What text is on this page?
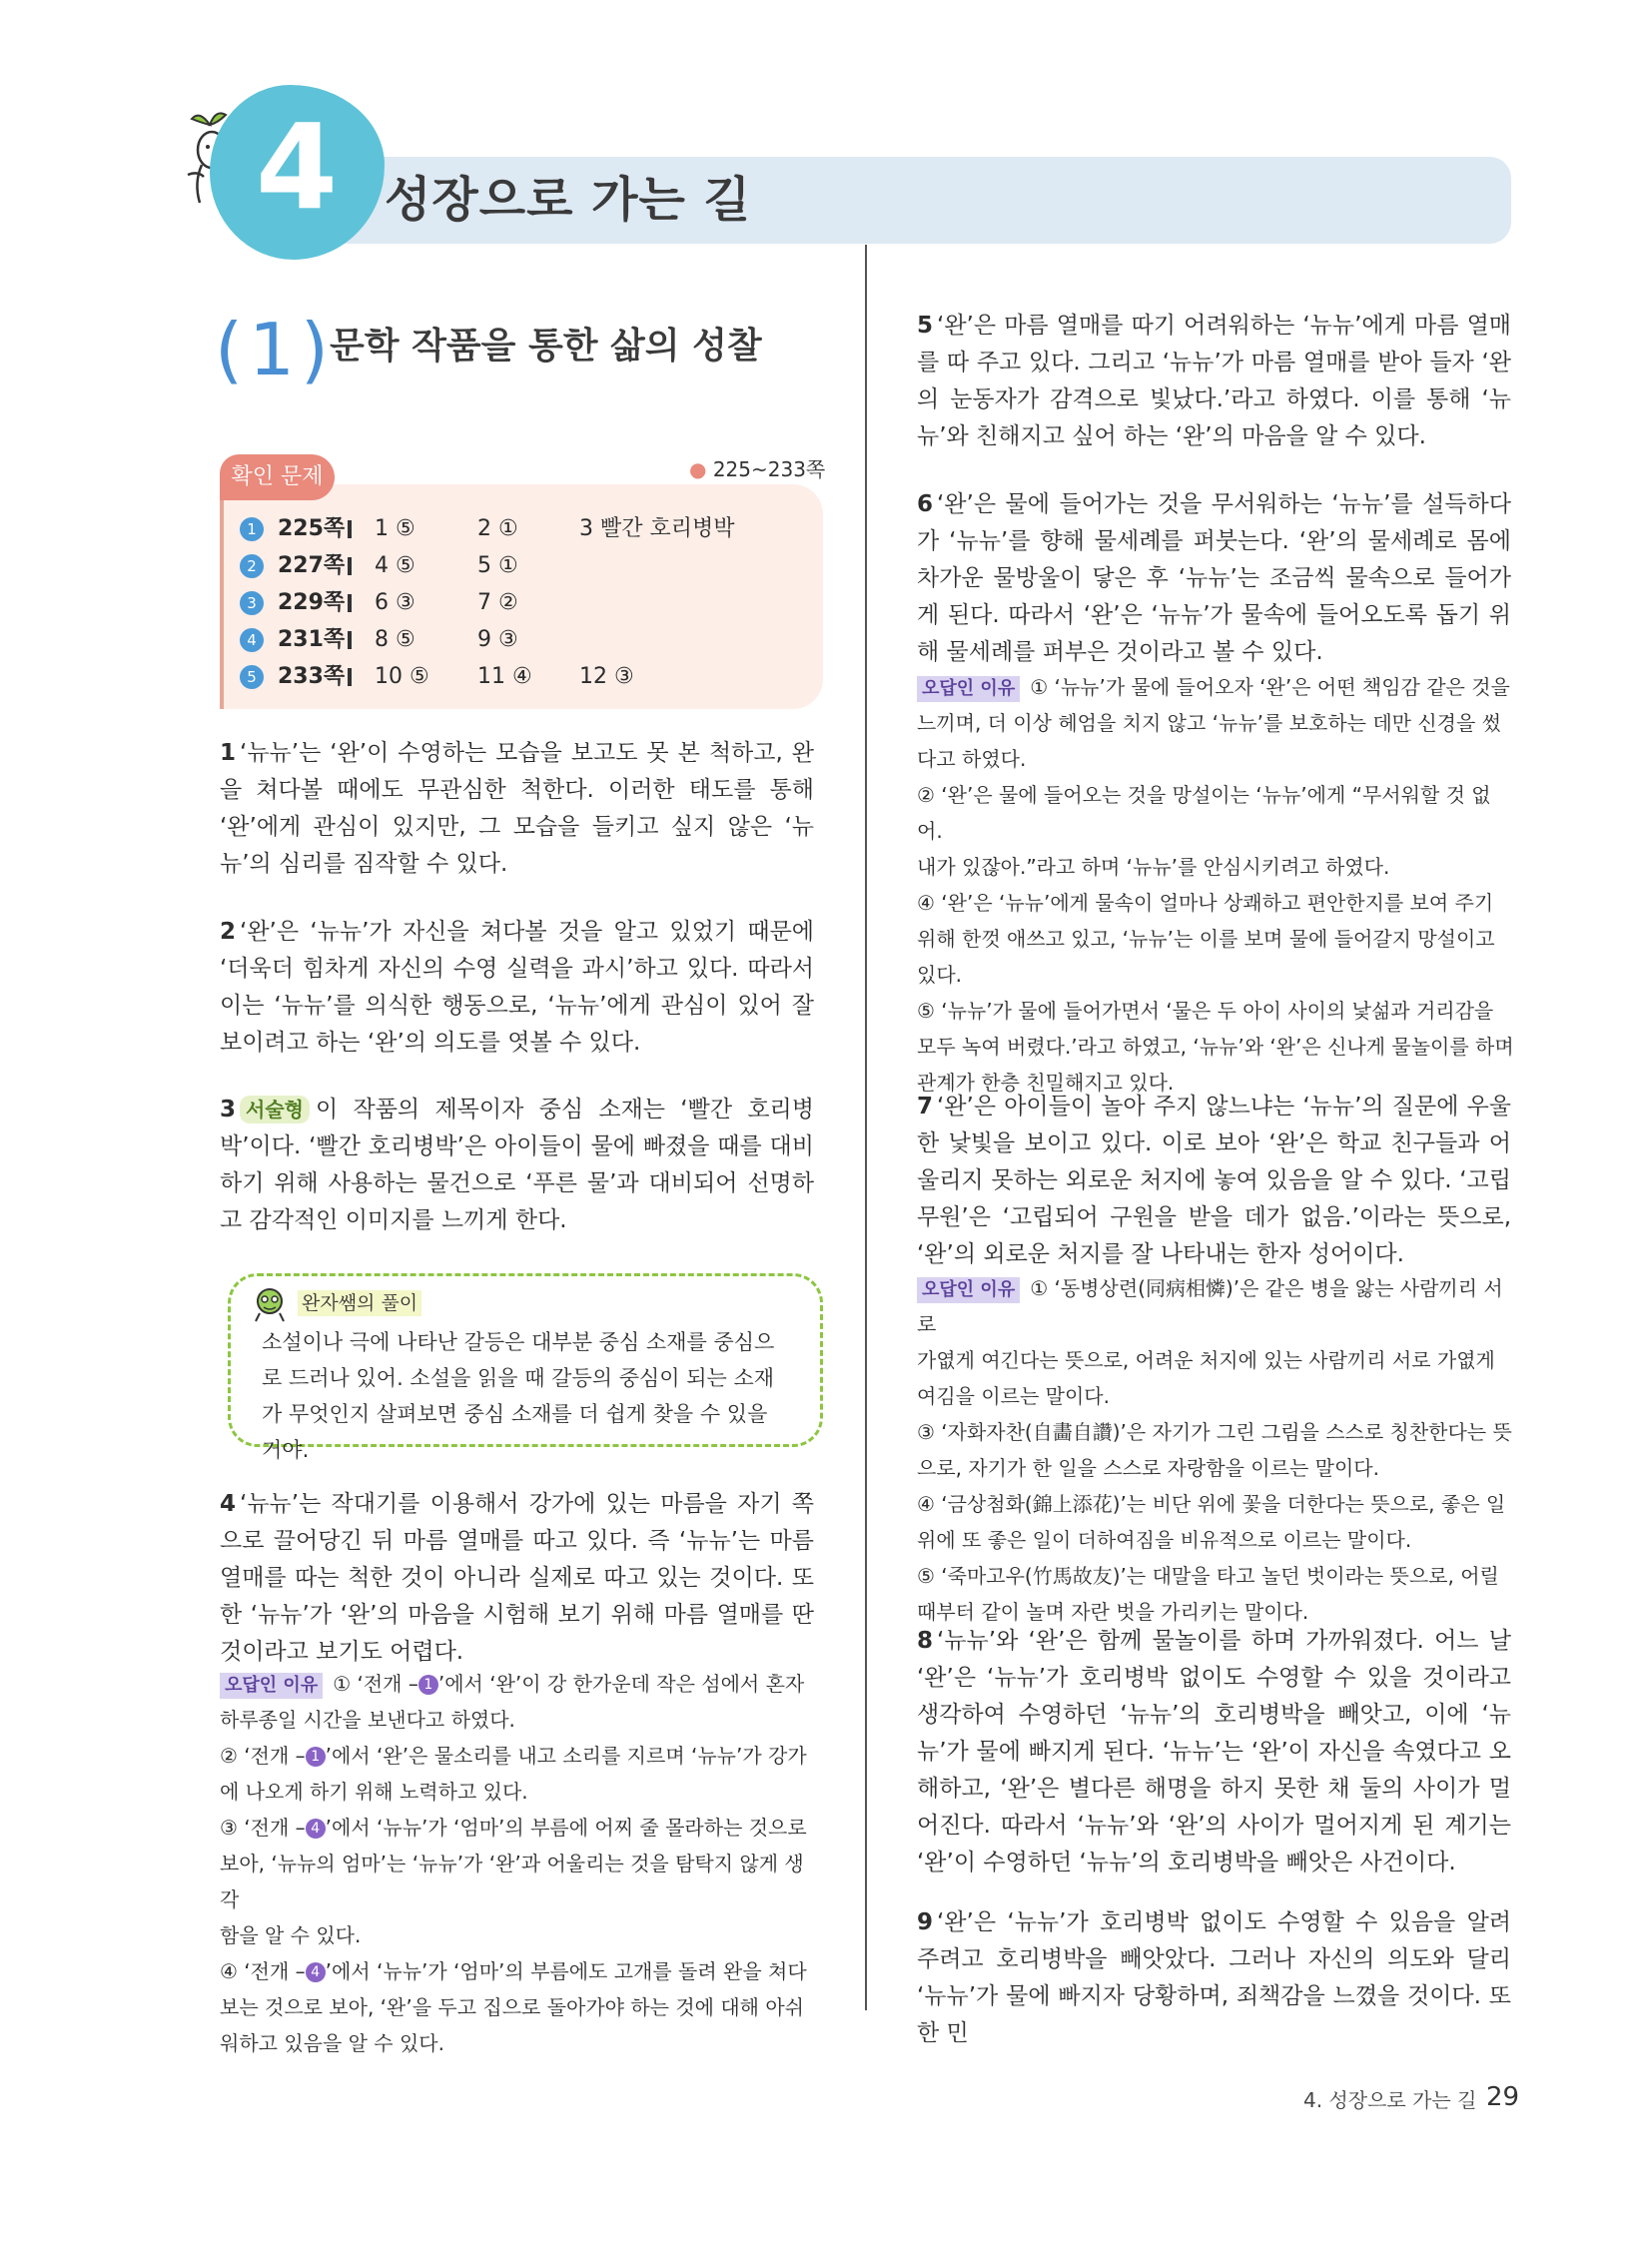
4 성장으로 가는 길
(1)
문학 작품을 통한 삶의 성찰
확인 문제	● 225~233쪽
1 225쪽 1 ⑤	2 ①	3 빨간 호리병박
2 227쪽 4 ⑤	5 ①
3 229쪽 6 ③	7 ②
4 231쪽 8 ⑤	9 ③
5 233쪽 10 ⑤ 11 ④ 12 ③
1 ‘뉴뉴’는 ‘완’이 수영하는 모습을 보고도 못 본 척하고, 완을 쳐다볼 때에도 무관심한 척한다. 이러한 태도를 통해 ‘완’에게 관심이 있지만, 그 모습을 들키고 싶지 않은 ‘뉴뉴’의 심리를 짐작할 수 있다.
2 ‘완’은 ‘뉴뉴’가 자신을 쳐다볼 것을 알고 있었기 때문에 ‘더욱더 힘차게 자신의 수영 실력을 과시’하고 있다. 따라서 이는 ‘뉴뉴’를 의식한 행동으로, ‘뉴뉴’에게 관심이 있어 잘 보이려고 하는 ‘완’의 의도를 엿볼 수 있다.
3 서술형 이 작품의 제목이자 중심 소재는 ‘빨간 호리병박’이다. ‘빨간 호리병박’은 아이들이 물에 빠졌을 때를 대비하기 위해 사용하는 물건으로 ‘푸른 물’과 대비되어 선명하고 감각적인 이미지를 느끼게 한다.
완자쌤의 풀이
소설이나 극에 나타난 갈등은 대부분 중심 소재를 중심으로 드러나 있어. 소설을 읽을 때 갈등의 중심이 되는 소재가 무엇인지 살펴보면 중심 소재를 더 쉽게 찾을 수 있을 거야.
4 ‘뉴뉴’는 작대기를 이용해서 강가에 있는 마름을 자기 쪽으로 끌어당긴 뒤 마름 열매를 따고 있다. 즉 ‘뉴뉴’는 마름 열매를 따는 척한 것이 아니라 실제로 따고 있는 것이다. 또한 ‘뉴뉴’가 ‘완’의 마음을 시험해 보기 위해 마름 열매를 딴 것이라고 보기도 어렵다.
오답인 이유 ① ‘전개 – 1 ’에서 ‘완’이 강 한가운데 작은 섬에서 혼자
하루종일 시간을 보낸다고 하였다.
② ‘전개 – 1 ’에서 ‘완’은 물소리를 내고 소리를 지르며 ‘뉴뉴’가 강가
에 나오게 하기 위해 노력하고 있다.
③ ‘전개 – 4 ’에서 ‘뉴뉴’가 ‘엄마’의 부름에 어찌 줄 몰라하는 것으로
보아, ‘뉴뉴의 엄마’는 ‘뉴뉴’가 ‘완’과 어울리는 것을 탐탁지 않게 생각
함을 알 수 있다.
④ ‘전개 – 4 ’에서 ‘뉴뉴’가 ‘엄마’의 부름에도 고개를 돌려 완을 쳐다
보는 것으로 보아, ‘완’을 두고 집으로 돌아가야 하는 것에 대해 아쉬
워하고 있음을 알 수 있다.
5 ‘완’은 마름 열매를 따기 어려워하는 ‘뉴뉴’에게 마름 열매를 따 주고 있다. 그리고 ‘뉴뉴’가 마름 열매를 받아 들자 ‘완의 눈동자가 감격으로 빛났다.’라고 하였다. 이를 통해 ‘뉴뉴’와 친해지고 싶어 하는 ‘완’의 마음을 알 수 있다.
6 ‘완’은 물에 들어가는 것을 무서워하는 ‘뉴뉴’를 설득하다가 ‘뉴뉴’를 향해 물세례를 퍼붓는다. ‘완’의 물세례로 몸에 차가운 물방울이 닿은 후 ‘뉴뉴’는 조금씩 물속으로 들어가게 된다. 따라서 ‘완’은 ‘뉴뉴’가 물속에 들어오도록 돕기 위해 물세례를 퍼부은 것이라고 볼 수 있다.
오답인 이유 ① ‘뉴뉴’가 물에 들어오자 ‘완’은 어떤 책임감 같은 것을
느끼며, 더 이상 헤엄을 치지 않고 ‘뉴뉴’를 보호하는 데만 신경을 썼
다고 하였다.
② ‘완’은 물에 들어오는 것을 망설이는 ‘뉴뉴’에게 “무서워할 것 없어.
내가 있잖아.”라고 하며 ‘뉴뉴’를 안심시키려고 하였다.
④ ‘완’은 ‘뉴뉴’에게 물속이 얼마나 상쾌하고 편안한지를 보여 주기
위해 한껏 애쓰고 있고, ‘뉴뉴’는 이를 보며 물에 들어갈지 망설이고
있다.
⑤ ‘뉴뉴’가 물에 들어가면서 ‘물은 두 아이 사이의 낯섦과 거리감을
모두 녹여 버렸다.’라고 하였고, ‘뉴뉴’와 ‘완’은 신나게 물놀이를 하며
관계가 한층 친밀해지고 있다.
7 ‘완’은 아이들이 놀아 주지 않느냐는 ‘뉴뉴’의 질문에 우울한 낯빛을 보이고 있다. 이로 보아 ‘완’은 학교 친구들과 어울리지 못하는 외로운 처지에 놓여 있음을 알 수 있다. ‘고립무원’은 ‘고립되어 구원을 받을 데가 없음.’이라는 뜻으로, ‘완’의 외로운 처지를 잘 나타내는 한자 성어이다.
오답인 이유 ① ‘동병상련(同病相憐)’은 같은 병을 앓는 사람끼리 서로
가엾게 여긴다는 뜻으로, 어려운 처지에 있는 사람끼리 서로 가엾게
여김을 이르는 말이다.
③ ‘자화자찬(自畵自讚)’은 자기가 그린 그림을 스스로 칭찬한다는 뜻
으로, 자기가 한 일을 스스로 자랑함을 이르는 말이다.
④ ‘금상첨화(錦上添花)’는 비단 위에 꽃을 더한다는 뜻으로, 좋은 일
위에 또 좋은 일이 더하여짐을 비유적으로 이르는 말이다.
⑤ ‘죽마고우(竹馬故友)’는 대말을 타고 놀던 벗이라는 뜻으로, 어릴
때부터 같이 놀며 자란 벗을 가리키는 말이다.
8 ‘뉴뉴’와 ‘완’은 함께 물놀이를 하며 가까워졌다. 어느 날 ‘완’은 ‘뉴뉴’가 호리병박 없이도 수영할 수 있을 것이라고 생각하여 수영하던 ‘뉴뉴’의 호리병박을 빼앗고, 이에 ‘뉴뉴’가 물에 빠지게 된다. ‘뉴뉴’는 ‘완’이 자신을 속였다고 오해하고, ‘완’은 별다른 해명을 하지 못한 채 둘의 사이가 멀어진다. 따라서 ‘뉴뉴’와 ‘완’의 사이가 멀어지게 된 계기는 ‘완’이 수영하던 ‘뉴뉴’의 호리병박을 빼앗은 사건이다.
9 ‘완’은 ‘뉴뉴’가 호리병박 없이도 수영할 수 있음을 알려 주려고 호리병박을 빼앗았다. 그러나 자신의 의도와 달리 ‘뉴뉴’가 물에 빠지자 당황하며, 죄책감을 느꼈을 것이다. 또한 민
4. 성장으로 가는 길 29
